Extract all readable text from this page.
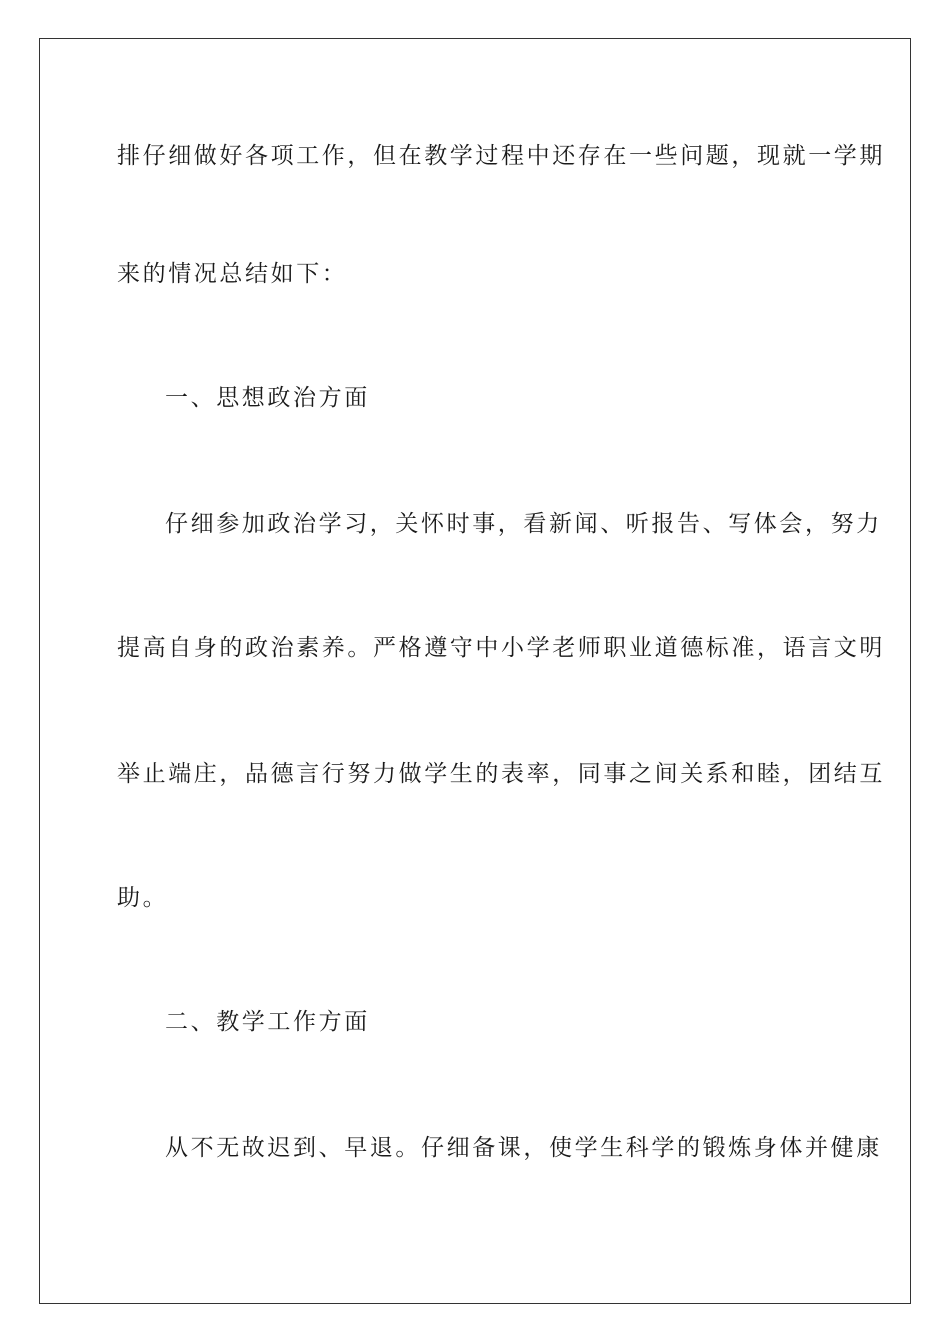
排仔细做好各项工作，但在教学过程中还存在一些问题，现就一学期
来的情况总结如下：
一、思想政治方面
仔细参加政治学习，关怀时事，看新闻、听报告、写体会，努力
提高自身的政治素养。严格遵守中小学老师职业道德标准，语言文明
举止端庄，品德言行努力做学生的表率，同事之间关系和睦，团结互
助。
二、教学工作方面
从不无故迟到、早退。仔细备课，使学生科学的锻炼身体并健康
